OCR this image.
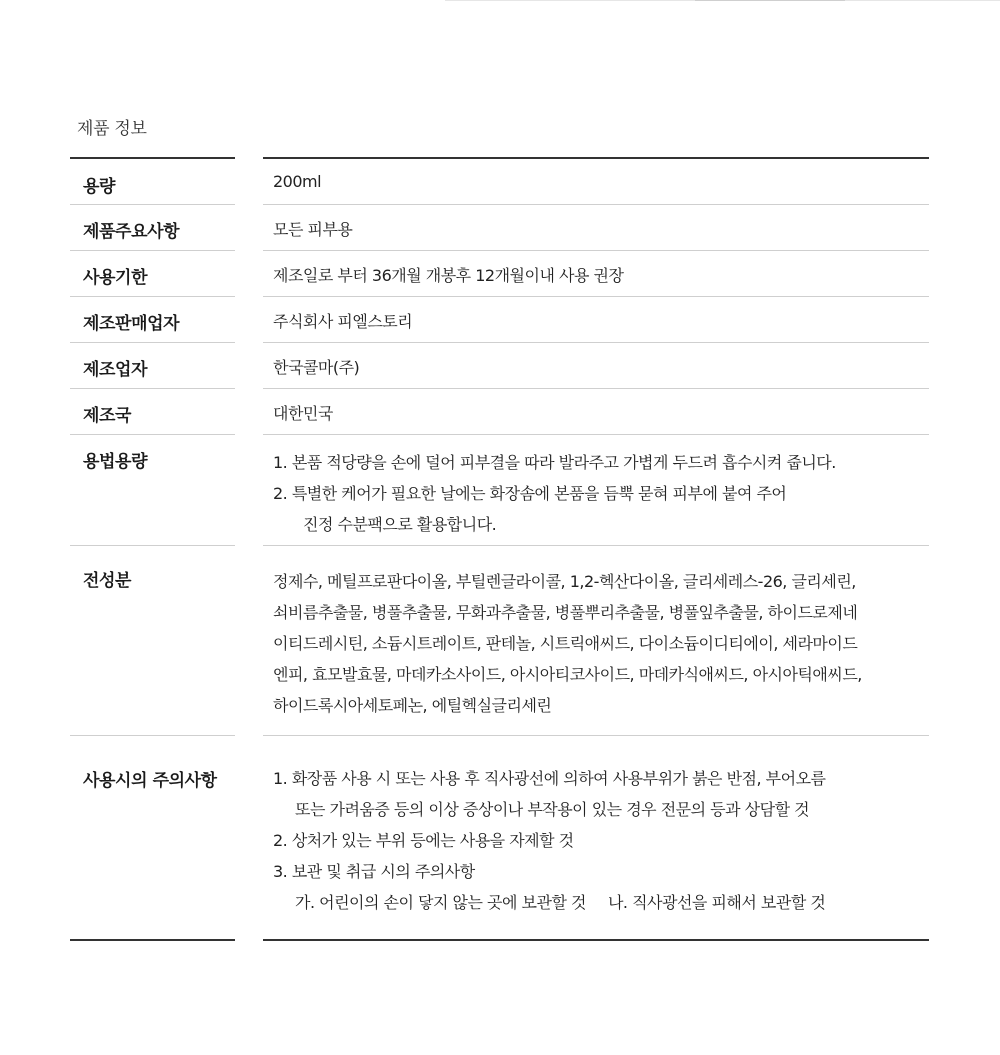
제품 정보
용량	200ml
제품주요사항	모든 피부용
사용기한	제조일로 부터 36개월 개봉후 12개월이내 사용 권장
제조판매업자	주식회사 피엘스토리
제조업자	한국콜마(주)
제조국	대한민국
용법용량	1. 본품 적당량을 손에 덜어 피부결을 따라 발라주고 가볍게 두드려 흡수시켜 줍니다.
2. 특별한 케어가 필요한 날에는 화장솜에 본품을 듬뿍 묻혀 피부에 붙여 주어
진정 수분팩으로 활용합니다.
전성분	정제수, 메틸프로판다이올, 부틸렌글라이콜, 1,2-헥산다이올, 글리세레스-26, 글리세린,
쇠비름추출물, 병풀추출물, 무화과추출물, 병풀뿌리추출물, 병풀잎추출물, 하이드로제네
이티드레시틴, 소듐시트레이트, 판테놀, 시트릭애씨드, 다이소듐이디티에이, 세라마이드
엔피, 효모발효물, 마데카소사이드, 아시아티코사이드, 마데카식애씨드, 아시아틱애씨드,
하이드록시아세토페논, 에틸헥실글리세린
사용시의 주의사항	1. 화장품 사용 시 또는 사용 후 직사광선에 의하여 사용부위가 붉은 반점, 부어오름
또는 가려움증 등의 이상 증상이나 부작용이 있는 경우 전문의 등과 상담할 것
2. 상처가 있는 부위 등에는 사용을 자제할 것
3. 보관 및 취급 시의 주의사항
가. 어린이의 손이 닿지 않는 곳에 보관할 것 나. 직사광선을 피해서 보관할 것
